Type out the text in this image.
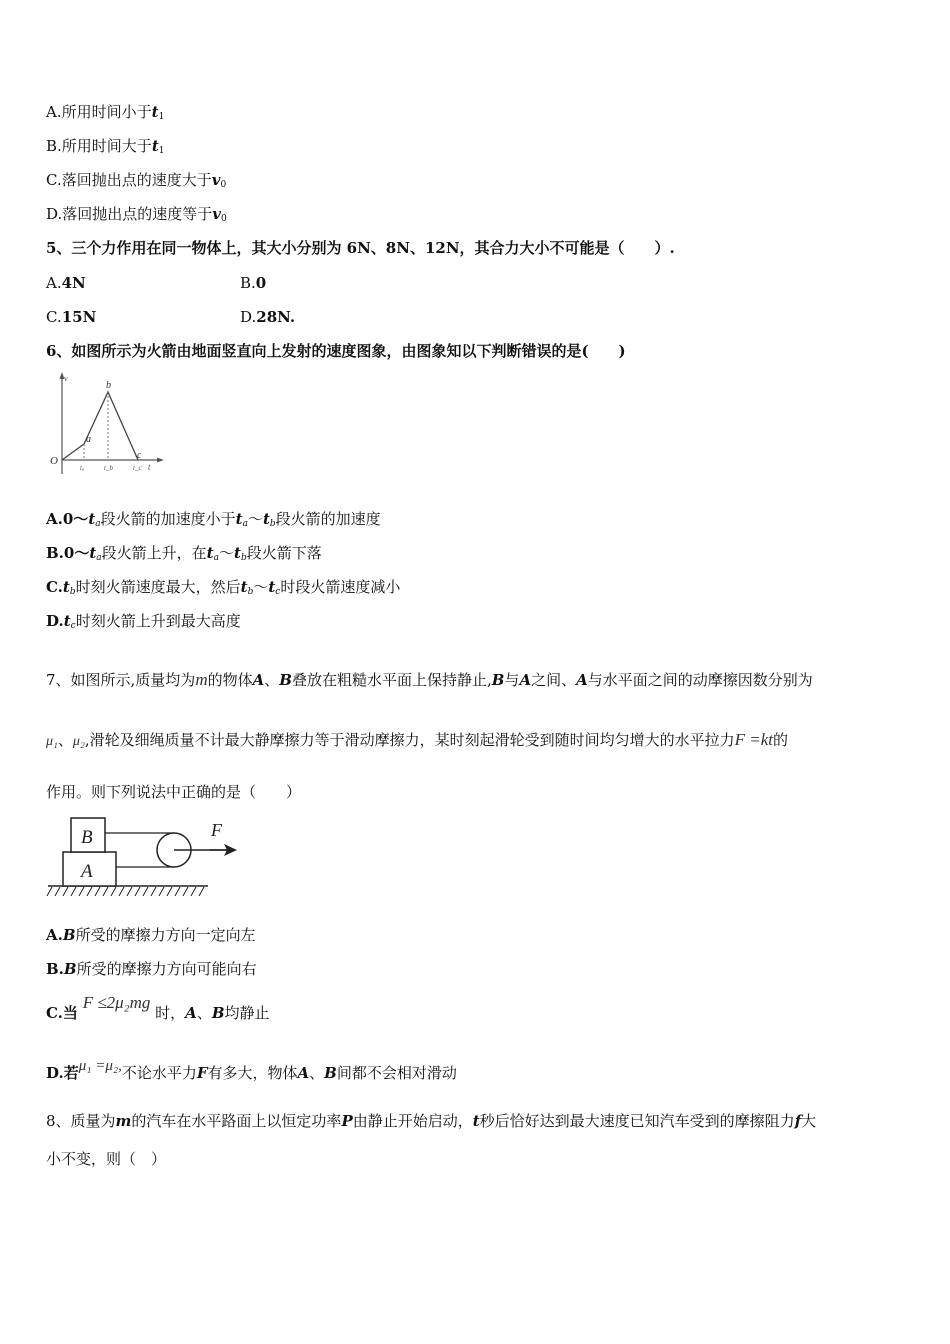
A.所用时间小于$t_1$
B.所用时间大于$t_1$
C.落回抛出点的速度大于$v_0$
D.落回抛出点的速度等于$v_0$
5、三个力作用在同一物体上，其大小分别为 6N、8N、12N，其合力大小不可能是（　　）.
A.4N	B.0
C.15N	D.28N.
6、如图所示为火箭由地面竖直向上发射的速度图象，由图象知以下判断错误的是(　　)
v
O	t
a
b
c
tₐ	t_b	t_c
$A.0\sim t_a$段火箭的加速度小于$t_a\sim t_b$段火箭的加速度
$B.0\sim t_a$段火箭上升，在$t_a\sim t_b$段火箭下落
$C.t_b$时刻火箭速度最大，然后$t_b\sim t_c$时段火箭速度减小
$D.t_c$时刻火箭上升到最大高度
7、如图所示,质量均为m的物体A、B叠放在粗糙水平面上保持静止,B与A之间、A与水平面之间的动摩擦因数分别为
μ₁、μ₂,滑轮及细绳质量不计最大静摩擦力等于滑动摩擦力，某时刻起滑轮受到随时间均匀增大的水平拉力F =kt的
作用。则下列说法中正确的是（　　）
B
A
F
A.B所受的摩擦力方向一定向左
B.B所受的摩擦力方向可能向右
C.当 F ≤2μ₂mg 时，A、B均静止
D.若μ₁ =μ₂,不论水平力F有多大，物体A、B间都不会相对滑动
8、质量为m的汽车在水平路面上以恒定功率P由静止开始启动，t秒后恰好达到最大速度已知汽车受到的摩擦阻力f大
小不变，则（　）
